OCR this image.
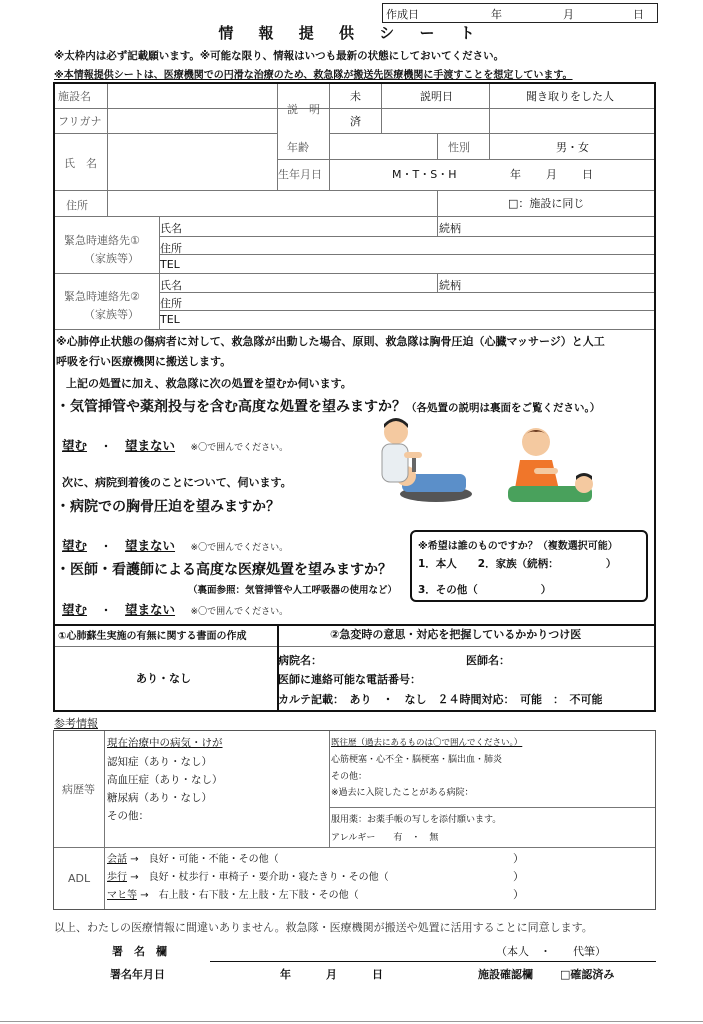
作成日	年	月	日
情 報 提 供 シ ー ト
※太枠内は必ず記載願います。※可能な限り、情報はいつも最新の状態にしておいてください。
※本情報提供シートは、医療機関での円滑な治療のため、救急隊が搬送先医療機関に手渡すことを想定しています。
施設名
フリガナ
氏　名
説　明
未
済
説明日	聞き取りをした人
年齢	性別	男・女
生年月日	M・T・S・H	年 月 日
住所	□：施設に同じ
緊急時連絡先①
（家族等）
氏名	続柄
住所
TEL
緊急時連絡先②
（家族等）
氏名	続柄
住所
TEL
※心肺停止状態の傷病者に対して、救急隊が出動した場合、原則、救急隊は胸骨圧迫（心臓マッサージ）と人工
呼吸を行い医療機関に搬送します。
上記の処置に加え、救急隊に次の処置を望むか伺います。
・気管挿管や薬剤投与を含む高度な処置を望みますか？（各処置の説明は裏面をご覧ください。）
望む ・ 望まない ※〇で囲んでください。
次に、病院到着後のことについて、伺います。
・病院での胸骨圧迫を望みますか？
望む ・ 望まない ※〇で囲んでください。
・医師・看護師による高度な医療処置を望みますか？
（裏面参照：気管挿管や人工呼吸器の使用など）
望む ・ 望まない ※〇で囲んでください。
※希望は誰のものですか？（複数選択可能）
1．本人　　2．家族（続柄：　　　　　）
3．その他（　　　　　　）
①心肺蘇生実施の有無に関する書面の作成	②急変時の意思・対応を把握しているかかりつけ医
あり・なし
病院名：	医師名：
医師に連絡可能な電話番号：
カルテ記載：　あり　・　なし　２４時間対応：　可能　：　不可能
参考情報
病歴等
現在治療中の病気・けが
認知症（あり・なし）
高血圧症（あり・なし）
糖尿病（あり・なし）
その他：
既往歴（過去にあるものは〇で囲んでください。）
心筋梗塞・心不全・脳梗塞・脳出血・肺炎
その他：
※過去に入院したことがある病院：
服用薬：お薬手帳の写しを添付願います。
アレルギー　　有　・　無
ADL
会話 →　良好・可能・不能・その他（
歩行 →　良好・杖歩行・車椅子・要介助・寝たきり・その他（
マヒ等 →　右上肢・右下肢・左上肢・左下肢・その他（
）
）
）
以上、わたしの医療情報に間違いありません。救急隊・医療機関が搬送や処置に活用することに同意します。
署　名　欄	（本人　・　　代筆）
署名年月日	年	月	日	施設確認欄 □確認済み
